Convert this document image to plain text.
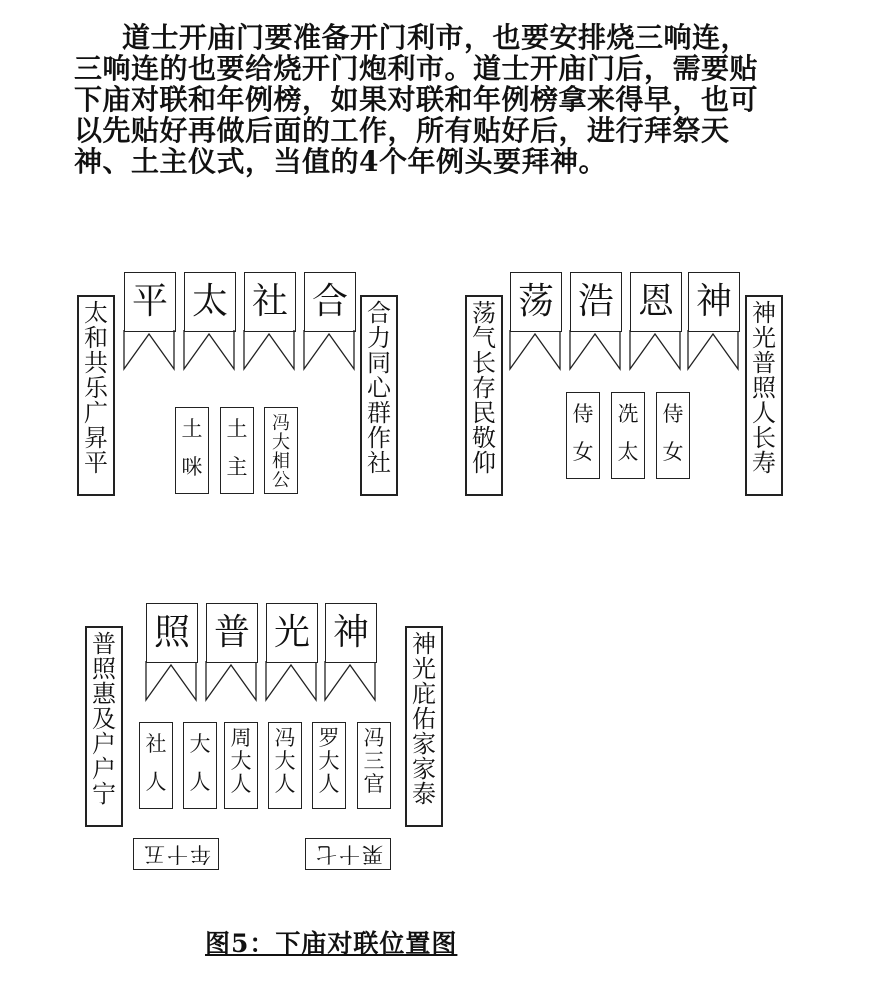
道士开庙门要准备开门利市，也要安排烧三响连，三响连的也要给烧开门炮利市。道士开庙门后，需要贴下庙对联和年例榜，如果对联和年例榜拿来得早，也可以先贴好再做后面的工作，所有贴好后，进行拜祭天神、土主仪式，当值的4个年例头要拜神。

太和共乐广昇平
合力同心群作社
平 太 社 合
土咪
土主
冯大相公
荡气长存民敬仰
神光普照人长寿
荡 浩 恩 神
侍女
冼太
侍女
普照惠及户户宁
神光庇佑家家泰
照 普 光 神
社人
大人
周大人
冯大人
罗大人
冯三官
年十五	栗十七
图5：下庙对联位置图
